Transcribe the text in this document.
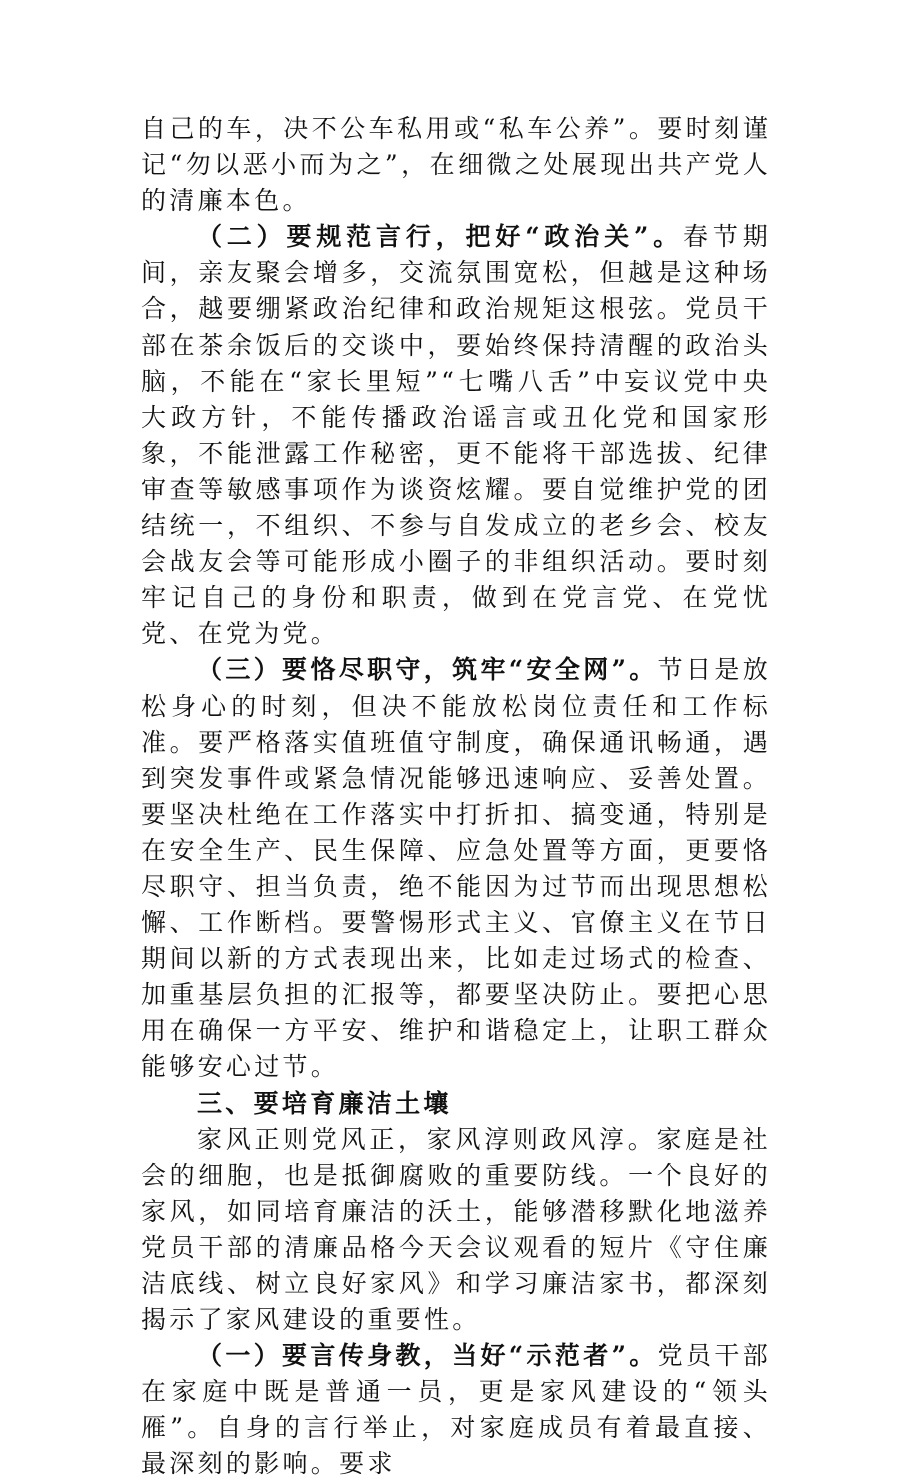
自己的车，决不公车私用或“私车公养”。要时刻谨记“勿以恶小而为之”，在细微之处展现出共产党人的清廉本色。

（二）要规范言行，把好“政治关”。春节期间，亲友聚会增多，交流氛围宽松，但越是这种场合，越要绷紧政治纪律和政治规矩这根弦。党员干部在茶余饭后的交谈中，要始终保持清醒的政治头脑，不能在“家长里短”“七嘴八舌”中妄议党中央大政方针，不能传播政治谣言或丑化党和国家形象，不能泄露工作秘密，更不能将干部选拔、纪律审查等敏感事项作为谈资炫耀。要自觉维护党的团结统一，不组织、不参与自发成立的老乡会、校友会战友会等可能形成小圈子的非组织活动。要时刻牢记自己的身份和职责，做到在党言党、在党忧党、在党为党。

（三）要恪尽职守，筑牢“安全网”。节日是放松身心的时刻，但决不能放松岗位责任和工作标准。要严格落实值班值守制度，确保通讯畅通，遇到突发事件或紧急情况能够迅速响应、妥善处置。要坚决杜绝在工作落实中打折扣、搞变通，特别是在安全生产、民生保障、应急处置等方面，更要恪尽职守、担当负责，绝不能因为过节而出现思想松懈、工作断档。要警惕形式主义、官僚主义在节日期间以新的方式表现出来，比如走过场式的检查、加重基层负担的汇报等，都要坚决防止。要把心思用在确保一方平安、维护和谐稳定上，让职工群众能够安心过节。

三、要培育廉洁土壤

家风正则党风正，家风淳则政风淳。家庭是社会的细胞，也是抵御腐败的重要防线。一个良好的家风，如同培育廉洁的沃土，能够潜移默化地滋养党员干部的清廉品格今天会议观看的短片《守住廉洁底线、树立良好家风》和学习廉洁家书，都深刻揭示了家风建设的重要性。

（一）要言传身教，当好“示范者”。党员干部在家庭中既是普通一员，更是家风建设的“领头雁”。自身的言行举止，对家庭成员有着最直接、最深刻的影响。要求
